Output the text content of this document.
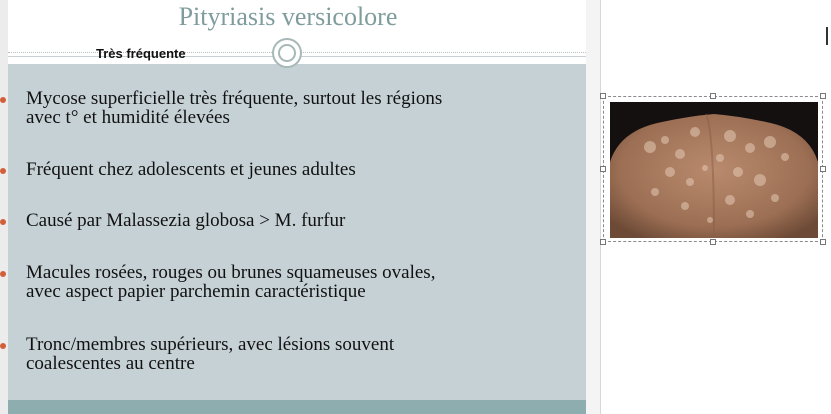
Pityriasis versicolore
Mycose superficielle très fréquente, surtout les régions
avec t° et humidité élevées
Fréquent chez adolescents et jeunes adultes
Causé par Malassezia globosa > M. furfur
Macules rosées, rouges ou brunes squameuses ovales,
avec aspect papier parchemin caractéristique
Tronc/membres supérieurs, avec lésions souvent
coalescentes au centre
Très fréquente
